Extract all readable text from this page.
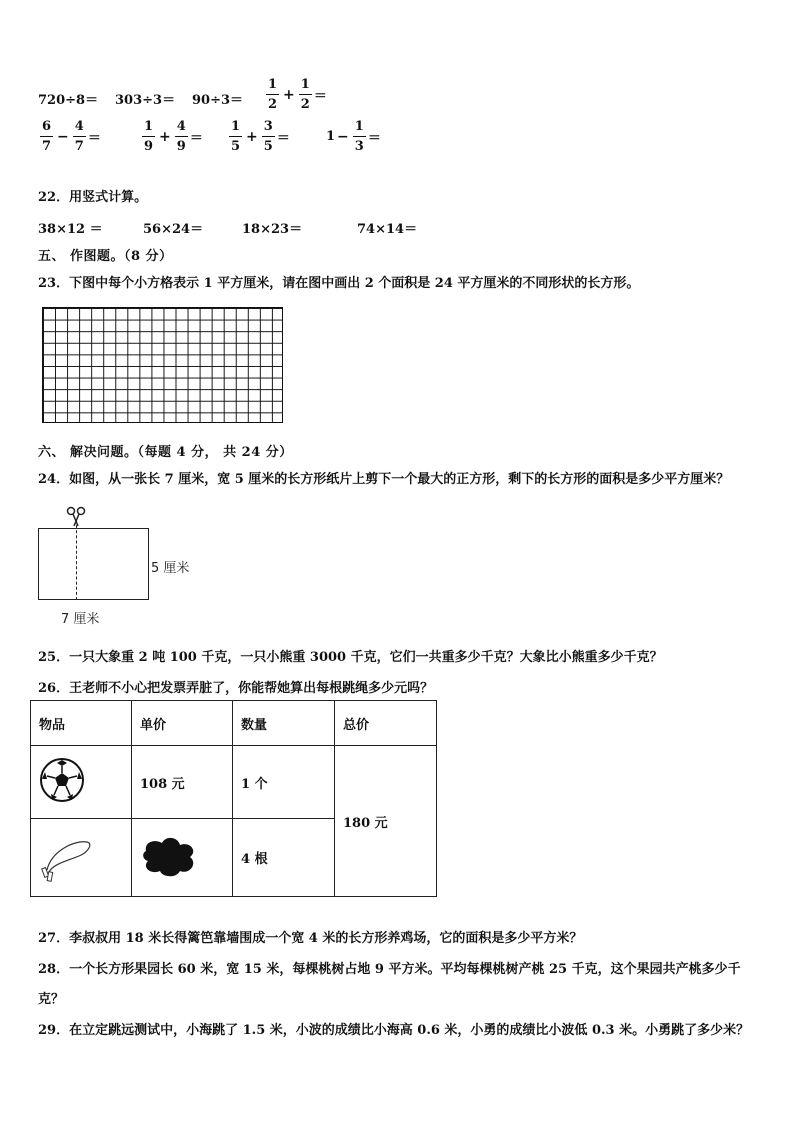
$720\div 8= 303\div 3= 90\div 3= \frac{1}{2} + \frac{1}{2}$ ＝
$\frac{6}{7} - \frac{4}{7}$ ＝	$\frac{1}{9} + \frac{4}{9} = \frac{1}{5} + \frac{3}{5}$ ＝	$1 - \frac{1}{3}$ ＝
22．用竖式计算。
38×12 ＝	56×24＝	18×23＝	74×14＝
五、 作图题。（8 分）
23．下图中每个小方格表示 1 平方厘米，请在图中画出 2 个面积是 24 平方厘米的不同形状的长方形。
六、 解决问题。（每题 4 分， 共 24 分）
24．如图，从一张长 7 厘米，宽 5 厘米的长方形纸片上剪下一个最大的正方形，剩下的长方形的面积是多少平方厘米？
5 厘米
7 厘米
25．一只大象重 2 吨 100 千克，一只小熊重 3000 千克，它们一共重多少千克？大象比小熊重多少千克？
26．王老师不小心把发票弄脏了，你能帮她算出每根跳绳多少元吗？
物品	单价	数量	总价
	108 元	1 个	180 元
		4 根	
27．李叔叔用 18 米长得篱笆靠墙围成一个宽 4 米的长方形养鸡场，它的面积是多少平方米？
28．一个长方形果园长 60 米，宽 15 米，每棵桃树占地 9 平方米。平均每棵桃树产桃 25 千克，这个果园共产桃多少千
克？
29．在立定跳远测试中，小海跳了 1.5 米，小波的成绩比小海高 0.6 米，小勇的成绩比小波低 0.3 米。小勇跳了多少米？
